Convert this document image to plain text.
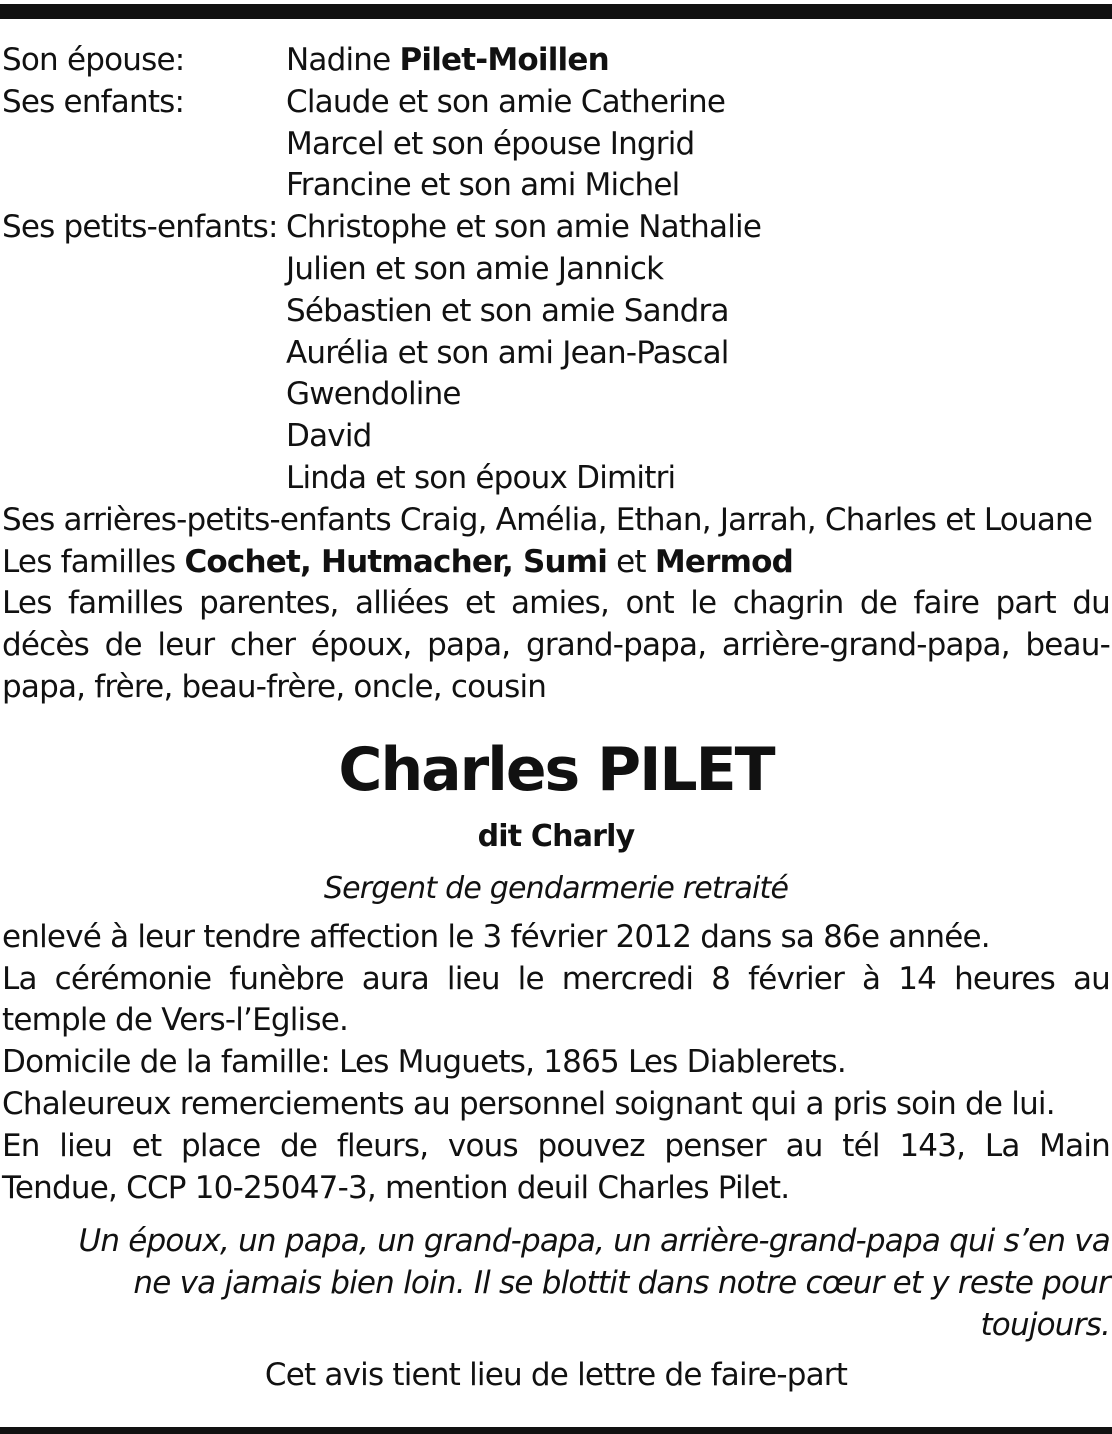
Son épouse:	Nadine Pilet-Moillen
Ses enfants:	Claude et son amie Catherine
Marcel et son épouse Ingrid
Francine et son ami Michel
Ses petits-enfants: Christophe et son amie Nathalie
Julien et son amie Jannick
Sébastien et son amie Sandra
Aurélia et son ami Jean-Pascal
Gwendoline
David
Linda et son époux Dimitri
Ses arrières-petits-enfants Craig, Amélia, Ethan, Jarrah, Charles et Louane
Les familles Cochet, Hutmacher, Sumi et Mermod
Les familles parentes, alliées et amies, ont le chagrin de faire part du
décès de leur cher époux, papa, grand-papa, arrière-grand-papa, beau-
papa, frère, beau-frère, oncle, cousin
Charles PILET
dit Charly
Sergent de gendarmerie retraité
enlevé à leur tendre affection le 3 février 2012 dans sa 86e année.
La cérémonie funèbre aura lieu le mercredi 8 février à 14 heures au
temple de Vers-l’Eglise.
Domicile de la famille: Les Muguets, 1865 Les Diablerets.
Chaleureux remerciements au personnel soignant qui a pris soin de lui.
En lieu et place de fleurs, vous pouvez penser au tél 143, La Main
Tendue, CCP 10-25047-3, mention deuil Charles Pilet.
Un époux, un papa, un grand-papa, un arrière-grand-papa qui s’en va
ne va jamais bien loin. Il se blottit dans notre cœur et y reste pour
toujours.
Cet avis tient lieu de lettre de faire-part
